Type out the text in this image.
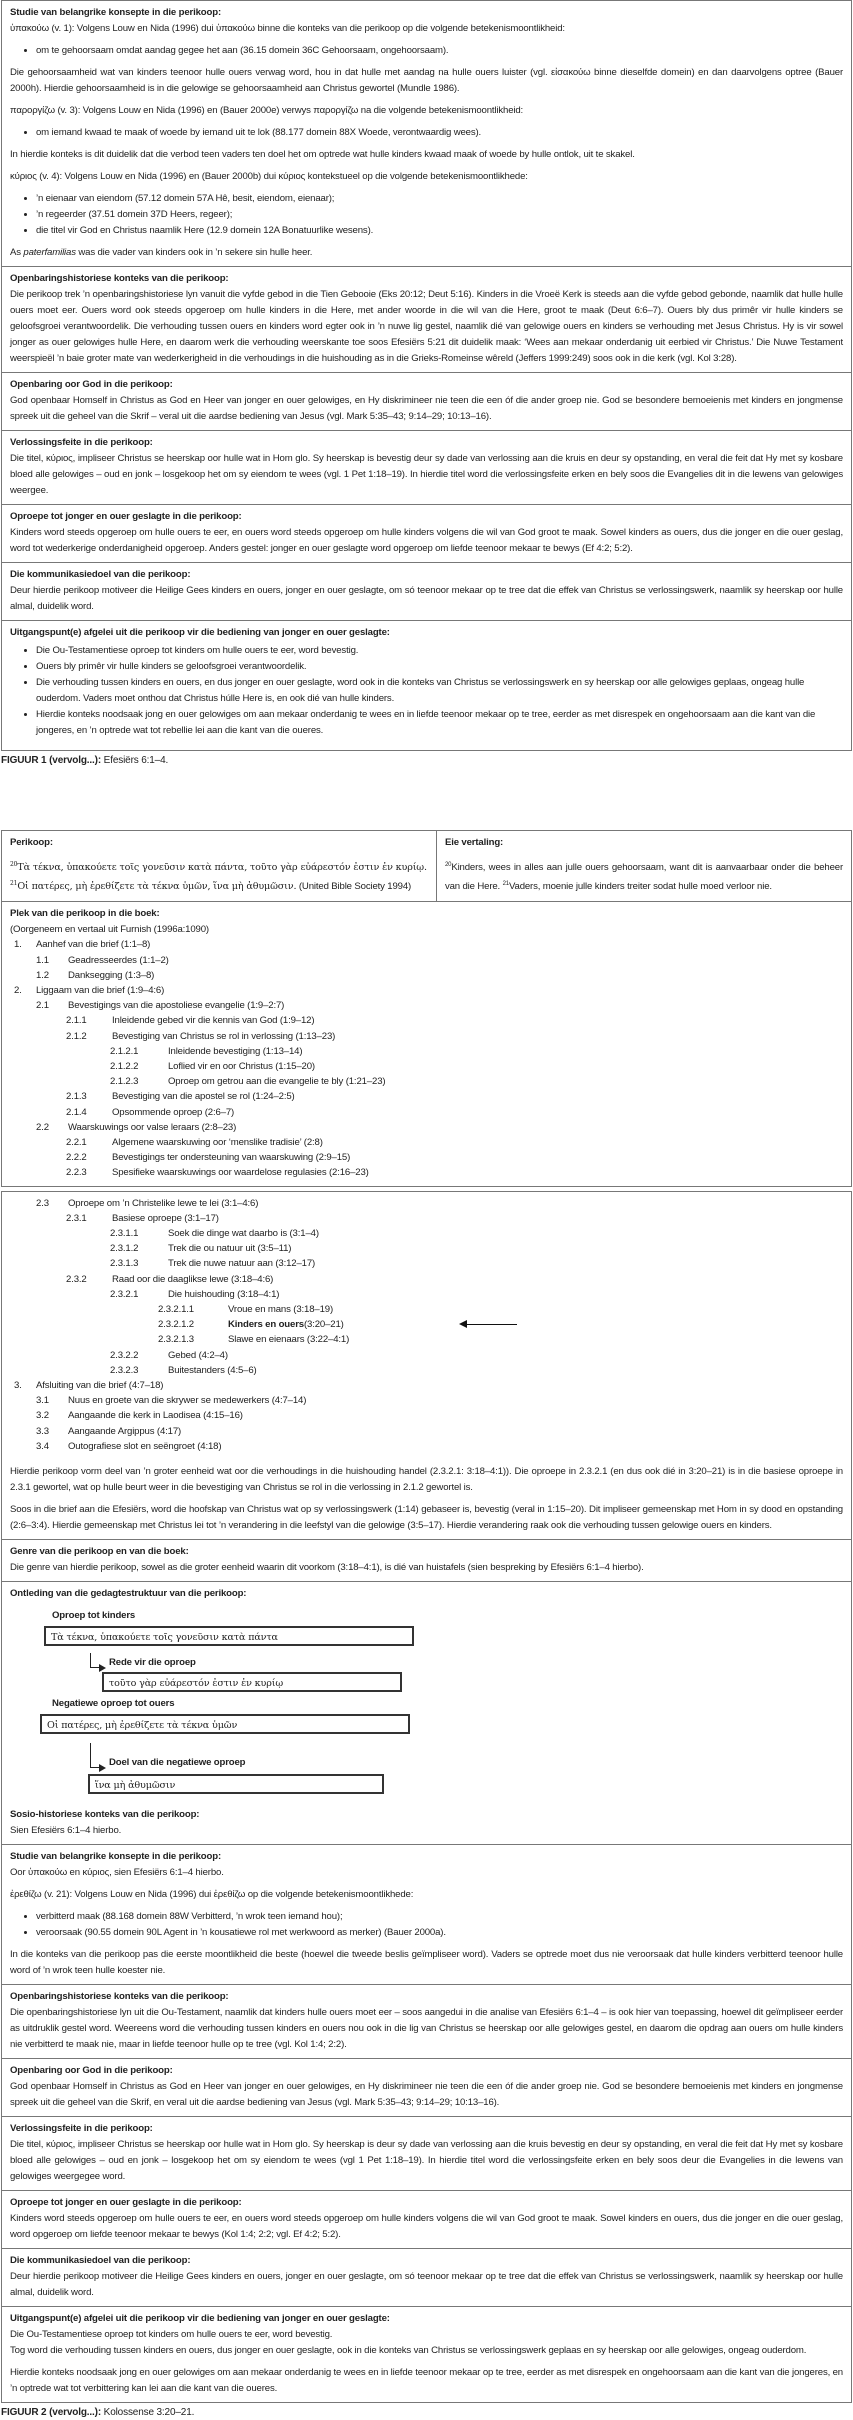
Studie van belangrike konsepte in die perikoop:
ὑπακούω (v. 1): Volgens Louw en Nida (1996) dui ὑπακούω binne die konteks van die perikoop op die volgende betekenismoontlikheid:
• om te gehoorsaam omdat aandag gegee het aan (36.15 domein 36C Gehoorsaam, ongehoorsaam).
Die gehoorsaamheid wat van kinders teenoor hulle ouers verwag word, hou in dat hulle met aandag na hulle ouers luister (vgl. εἰσακούω binne dieselfde domein) en dan daarvolgens optree (Bauer 2000h). Hierdie gehoorsaamheid is in die gelowige se gehoorsaamheid aan Christus gewortel (Mundle 1986).
παροργίζω (v. 3): Volgens Louw en Nida (1996) en (Bauer 2000e) verwys παροργίζω na die volgende betekenismoontlikheid:
• om iemand kwaad te maak of woede by iemand uit te lok (88.177 domein 88X Woede, verontwaardig wees).
In hierdie konteks is dit duidelik dat die verbod teen vaders ten doel het om optrede wat hulle kinders kwaad maak of woede by hulle ontlok, uit te skakel.
κύριος (v. 4): Volgens Louw en Nida (1996) en (Bauer 2000b) dui κύριος kontekstueel op die volgende betekenismoontlikhede:
• ’n eienaar van eiendom (57.12 domein 57A Hê, besit, eiendom, eienaar);
• ’n regeerder (37.51 domein 37D Heers, regeer);
• die titel vir God en Christus naamlik Here (12.9 domein 12A Bonatuurlike wesens).
As paterfamilias was die vader van kinders ook in ’n sekere sin hulle heer.
Openbaringshistoriese konteks van die perikoop:
Die perikoop trek ’n openbaringshistoriese lyn vanuit die vyfde gebod in die Tien Gebooie (Eks 20:12; Deut 5:16). Kinders in die Vroeë Kerk is steeds aan die vyfde gebod gebonde, naamlik dat hulle hulle ouers moet eer. Ouers word ook steeds opgeroep om hulle kinders in die Here, met ander woorde in die wil van die Here, groot te maak (Deut 6:6–7). Ouers bly dus primêr vir hulle kinders se geloofsgroei verantwoordelik. Die verhouding tussen ouers en kinders word egter ook in ’n nuwe lig gestel, naamlik dié van gelowige ouers en kinders se verhouding met Jesus Christus. Hy is vir sowel jonger as ouer gelowiges hulle Here, en daarom werk die verhouding weerskante toe soos Efesiërs 5:21 dit duidelik maak: ‘Wees aan mekaar onderdanig uit eerbied vir Christus.’ Die Nuwe Testament weerspieël ’n baie groter mate van wederkerigheid in die verhoudings in die huishouding as in die Grieks-Romeinse wêreld (Jeffers 1999:249) soos ook in die kerk (vgl. Kol 3:28).
Openbaring oor God in die perikoop:
God openbaar Homself in Christus as God en Heer van jonger en ouer gelowiges, en Hy diskrimineer nie teen die een óf die ander groep nie. God se besondere bemoeienis met kinders en jongmense spreek uit die geheel van die Skrif – veral uit die aardse bediening van Jesus (vgl. Mark 5:35–43; 9:14–29; 10:13–16).
Verlossingsfeite in die perikoop:
Die titel, κύριος, impliseer Christus se heerskap oor hulle wat in Hom glo. Sy heerskap is bevestig deur sy dade van verlossing aan die kruis en deur sy opstanding, en veral die feit dat Hy met sy kosbare bloed alle gelowiges – oud en jonk – losgekoop het om sy eiendom te wees (vgl. 1 Pet 1:18–19). In hierdie titel word die verlossingsfeite erken en bely soos die Evangelies dit in die lewens van gelowiges weergee.
Oproepe tot jonger en ouer geslagte in die perikoop:
Kinders word steeds opgeroep om hulle ouers te eer, en ouers word steeds opgeroep om hulle kinders volgens die wil van God groot te maak. Sowel kinders as ouers, dus die jonger en die ouer geslag, word tot wederkerige onderdanigheid opgeroep. Anders gestel: jonger en ouer geslagte word opgeroep om liefde teenoor mekaar te bewys (Ef 4:2; 5:2).
Die kommunikasiedoel van die perikoop:
Deur hierdie perikoop motiveer die Heilige Gees kinders en ouers, jonger en ouer geslagte, om só teenoor mekaar op te tree dat die effek van Christus se verlossingswerk, naamlik sy heerskap oor hulle almal, duidelik word.
Uitgangspunt(e) afgelei uit die perikoop vir die bediening van jonger en ouer geslagte:
• Die Ou-Testamentiese oproep tot kinders om hulle ouers te eer, word bevestig.
• Ouers bly primêr vir hulle kinders se geloofsgroei verantwoordelik.
• Die verhouding tussen kinders en ouers, en dus jonger en ouer geslagte, word ook in die konteks van Christus se verlossingswerk en sy heerskap oor alle gelowiges geplaas, ongeag hulle ouderdom. Vaders moet onthou dat Christus húlle Here is, en ook dié van hulle kinders.
• Hierdie konteks noodsaak jong en ouer gelowiges om aan mekaar onderdanig te wees en in liefde teenoor mekaar op te tree, eerder as met disrespek en ongehoorsaam aan die kant van die jongeres, en ’n optrede wat tot rebellie lei aan die kant van die oueres.
FIGUUR 1 (vervolg...): Efesiërs 6:1–4.
Perikoop:
$^{20}$Τὰ τέκνα, ὑπακούετε τοῖς γονεῦσιν κατὰ πάντα, τοῦτο γὰρ εὐάρεστόν ἐστιν ἐν κυρίῳ.
$^{21}$Οἱ πατέρες, μὴ ἐρεθίζετε τὰ τέκνα ὑμῶν, ἵνα μὴ ἀθυμῶσιν. (United Bible Society 1994)
Eie vertaling:
$^{20}$Kinders, wees in alles aan julle ouers gehoorsaam, want dit is aanvaarbaar onder die beheer van die Here. $^{21}$Vaders, moenie julle kinders treiter sodat hulle moed verloor nie.
Plek van die perikoop in die boek:
(Oorgeneem en vertaal uit Furnish (1996a:1090)
1.	Aanhef van die brief (1:1–8)
1.1	Geadresseerdes (1:1–2)
1.2	Danksegging (1:3–8)
2.	Liggaam van die brief (1:9–4:6)
2.1	Bevestigings van die apostoliese evangelie (1:9–2:7)
2.1.1	Inleidende gebed vir die kennis van God (1:9–12)
2.1.2	Bevestiging van Christus se rol in verlossing (1:13–23)
2.1.2.1	Inleidende bevestiging (1:13–14)
2.1.2.2	Loflied vir en oor Christus (1:15–20)
2.1.2.3	Oproep om getrou aan die evangelie te bly (1:21–23)
2.1.3	Bevestiging van die apostel se rol (1:24–2:5)
2.1.4	Opsommende oproep (2:6–7)
2.2	Waarskuwings oor valse leraars (2:8–23)
2.2.1	Algemene waarskuwing oor ‘menslike tradisie’ (2:8)
2.2.2	Bevestigings ter ondersteuning van waarskuwing (2:9–15)
2.2.3	Spesifieke waarskuwings oor waardelose regulasies (2:16–23)
2.3	Oproepe om ’n Christelike lewe te lei (3:1–4:6)
2.3.1	Basiese oproepe (3:1–17)
2.3.1.1	Soek die dinge wat daarbo is (3:1–4)
2.3.1.2	Trek die ou natuur uit (3:5–11)
2.3.1.3	Trek die nuwe natuur aan (3:12–17)
2.3.2	Raad oor die daaglikse lewe (3:18–4:6)
2.3.2.1	Die huishouding (3:18–4:1)
2.3.2.1.1	Vroue en mans (3:18–19)
2.3.2.1.2	Kinders en ouers (3:20–21)
2.3.2.1.3	Slawe en eienaars (3:22–4:1)
2.3.2.2	Gebed (4:2–4)
2.3.2.3	Buitestanders (4:5–6)
3.	Afsluiting van die brief (4:7–18)
3.1	Nuus en groete van die skrywer se medewerkers (4:7–14)
3.2	Aangaande die kerk in Laodisea (4:15–16)
3.3	Aangaande Argippus (4:17)
3.4	Outografiese slot en seëngroet (4:18)
Hierdie perikoop vorm deel van ’n groter eenheid wat oor die verhoudings in die huishouding handel (2.3.2.1: 3:18–4:1)). Die oproepe in 2.3.2.1 (en dus ook dié in 3:20–21) is in die basiese oproepe in 2.3.1 gewortel, wat op hulle beurt weer in die bevestiging van Christus se rol in die verlossing in 2.1.2 gewortel is.
Soos in die brief aan die Efesiërs, word die hoofskap van Christus wat op sy verlossingswerk (1:14) gebaseer is, bevestig (veral in 1:15–20). Dit impliseer gemeenskap met Hom in sy dood en opstanding (2:6–3:4). Hierdie gemeenskap met Christus lei tot ’n verandering in die leefstyl van die gelowige (3:5–17). Hierdie verandering raak ook die verhouding tussen gelowige ouers en kinders.
Genre van die perikoop en van die boek:
Die genre van hierdie perikoop, sowel as die groter eenheid waarin dit voorkom (3:18–4:1), is dié van huistafels (sien bespreking by Efesiërs 6:1–4 hierbo).
Ontleding van die gedagtestruktuur van die perikoop:
Oproep tot kinders
Τὰ τέκνα, ὑπακούετε τοῖς γονεῦσιν κατὰ πάντα
Rede vir die oproep
τοῦτο γὰρ εὐάρεστόν ἐστιν ἐν κυρίῳ
Negatiewe oproep tot ouers
Οἱ πατέρες, μὴ ἐρεθίζετε τὰ τέκνα ὑμῶν
Doel van die negatiewe oproep
ἵνα μὴ ἀθυμῶσιν
Sosio-historiese konteks van die perikoop:
Sien Efesiërs 6:1–4 hierbo.
Studie van belangrike konsepte in die perikoop:
Oor ὑπακούω en κύριος, sien Efesiërs 6:1–4 hierbo.
ἐρεθίζω (v. 21): Volgens Louw en Nida (1996) dui ἐρεθίζω op die volgende betekenismoontlikhede:
• verbitterd maak (88.168 domein 88W Verbitterd, ’n wrok teen iemand hou);
• veroorsaak (90.55 domein 90L Agent in ’n kousatiewe rol met werkwoord as merker) (Bauer 2000a).
In die konteks van die perikoop pas die eerste moontlikheid die beste (hoewel die tweede beslis geïmpliseer word). Vaders se optrede moet dus nie veroorsaak dat hulle kinders verbitterd teenoor hulle word of ’n wrok teen hulle koester nie.
Openbaringshistoriese konteks van die perikoop:
Die openbaringshistoriese lyn uit die Ou-Testament, naamlik dat kinders hulle ouers moet eer – soos aangedui in die analise van Efesiërs 6:1–4 – is ook hier van toepassing, hoewel dit geïmpliseer eerder as uitdruklik gestel word. Weereens word die verhouding tussen kinders en ouers nou ook in die lig van Christus se heerskap oor alle gelowiges gestel, en daarom die opdrag aan ouers om hulle kinders nie verbitterd te maak nie, maar in liefde teenoor hulle op te tree (vgl. Kol 1:4; 2:2).
Openbaring oor God in die perikoop:
God openbaar Homself in Christus as God en Heer van jonger en ouer gelowiges, en Hy diskrimineer nie teen die een óf die ander groep nie. God se besondere bemoeienis met kinders en jongmense spreek uit die geheel van die Skrif, en veral uit die aardse bediening van Jesus (vgl. Mark 5:35–43; 9:14–29; 10:13–16).
Verlossingsfeite in die perikoop:
Die titel, κύριος, impliseer Christus se heerskap oor hulle wat in Hom glo. Sy heerskap is deur sy dade van verlossing aan die kruis bevestig en deur sy opstanding, en veral die feit dat Hy met sy kosbare bloed alle gelowiges – oud en jonk – losgekoop het om sy eiendom te wees (vgl 1 Pet 1:18–19). In hierdie titel word die verlossingsfeite erken en bely soos deur die Evangelies in die lewens van gelowiges weergegee word.
Oproepe tot jonger en ouer geslagte in die perikoop:
Kinders word steeds opgeroep om hulle ouers te eer, en ouers word steeds opgeroep om hulle kinders volgens die wil van God groot te maak. Sowel kinders en ouers, dus die jonger en die ouer geslag, word opgeroep om liefde teenoor mekaar te bewys (Kol 1:4; 2:2; vgl. Ef 4:2; 5:2).
Die kommunikasiedoel van die perikoop:
Deur hierdie perikoop motiveer die Heilige Gees kinders en ouers, jonger en ouer geslagte, om só teenoor mekaar op te tree dat die effek van Christus se verlossingswerk, naamlik sy heerskap oor hulle almal, duidelik word.
Uitgangspunt(e) afgelei uit die perikoop vir die bediening van jonger en ouer geslagte:
Die Ou-Testamentiese oproep tot kinders om hulle ouers te eer, word bevestig.
Tog word die verhouding tussen kinders en ouers, dus jonger en ouer geslagte, ook in die konteks van Christus se verlossingswerk geplaas en sy heerskap oor alle gelowiges, ongeag ouderdom.
Hierdie konteks noodsaak jong en ouer gelowiges om aan mekaar onderdanig te wees en in liefde teenoor mekaar op te tree, eerder as met disrespek en ongehoorsaam aan die kant van die jongeres, en ’n optrede wat tot verbittering kan lei aan die kant van die oueres.
FIGUUR 2 (vervolg...): Kolossense 3:20–21.
